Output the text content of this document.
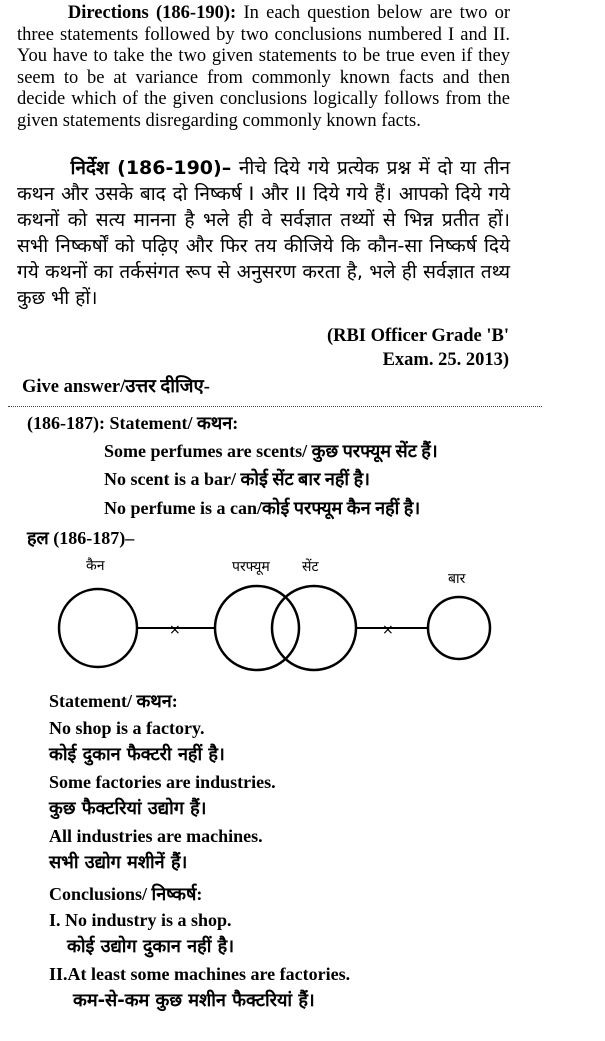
Directions (186-190): In each question below are two or three statements followed by two conclusions numbered I and II. You have to take the two given statements to be true even if they seem to be at variance from commonly known facts and then decide which of the given conclusions logically follows from the given statements disregarding commonly known facts.
निर्देश (186-190)– नीचे दिये गये प्रत्येक प्रश्न में दो या तीन कथन और उसके बाद दो निष्कर्ष I और II दिये गये हैं। आपको दिये गये कथनों को सत्य मानना है भले ही वे सर्वज्ञात तथ्यों से भिन्न प्रतीत हों। सभी निष्कर्षों को पढ़िए और फिर तय कीजिये कि कौन-सा निष्कर्ष दिये गये कथनों का तर्कसंगत रूप से अनुसरण करता है, भले ही सर्वज्ञात तथ्य कुछ भी हों।
(RBI Officer Grade 'B'
Exam. 25. 2013)
Give answer/उत्तर दीजिए-
(186-187): Statement/ कथन:
Some perfumes are scents/ कुछ परफ्यूम सेंट हैं।
No scent is a bar/ कोई सेंट बार नहीं है।
No perfume is a can/कोई परफ्यूम कैन नहीं है।
हल (186-187)–
कैन	परफ्यूम सेंट
बार
×	×
Statement/ कथन:
No shop is a factory.
कोई दुकान फैक्टरी नहीं है।
Some factories are industries.
कुछ फैक्टरियां उद्योग हैं।
All industries are machines.
सभी उद्योग मशीनें हैं।
Conclusions/ निष्कर्ष:
I. No industry is a shop.
कोई उद्योग दुकान नहीं है।
II.At least some machines are factories.
कम-से-कम कुछ मशीन फैक्टरियां हैं।
